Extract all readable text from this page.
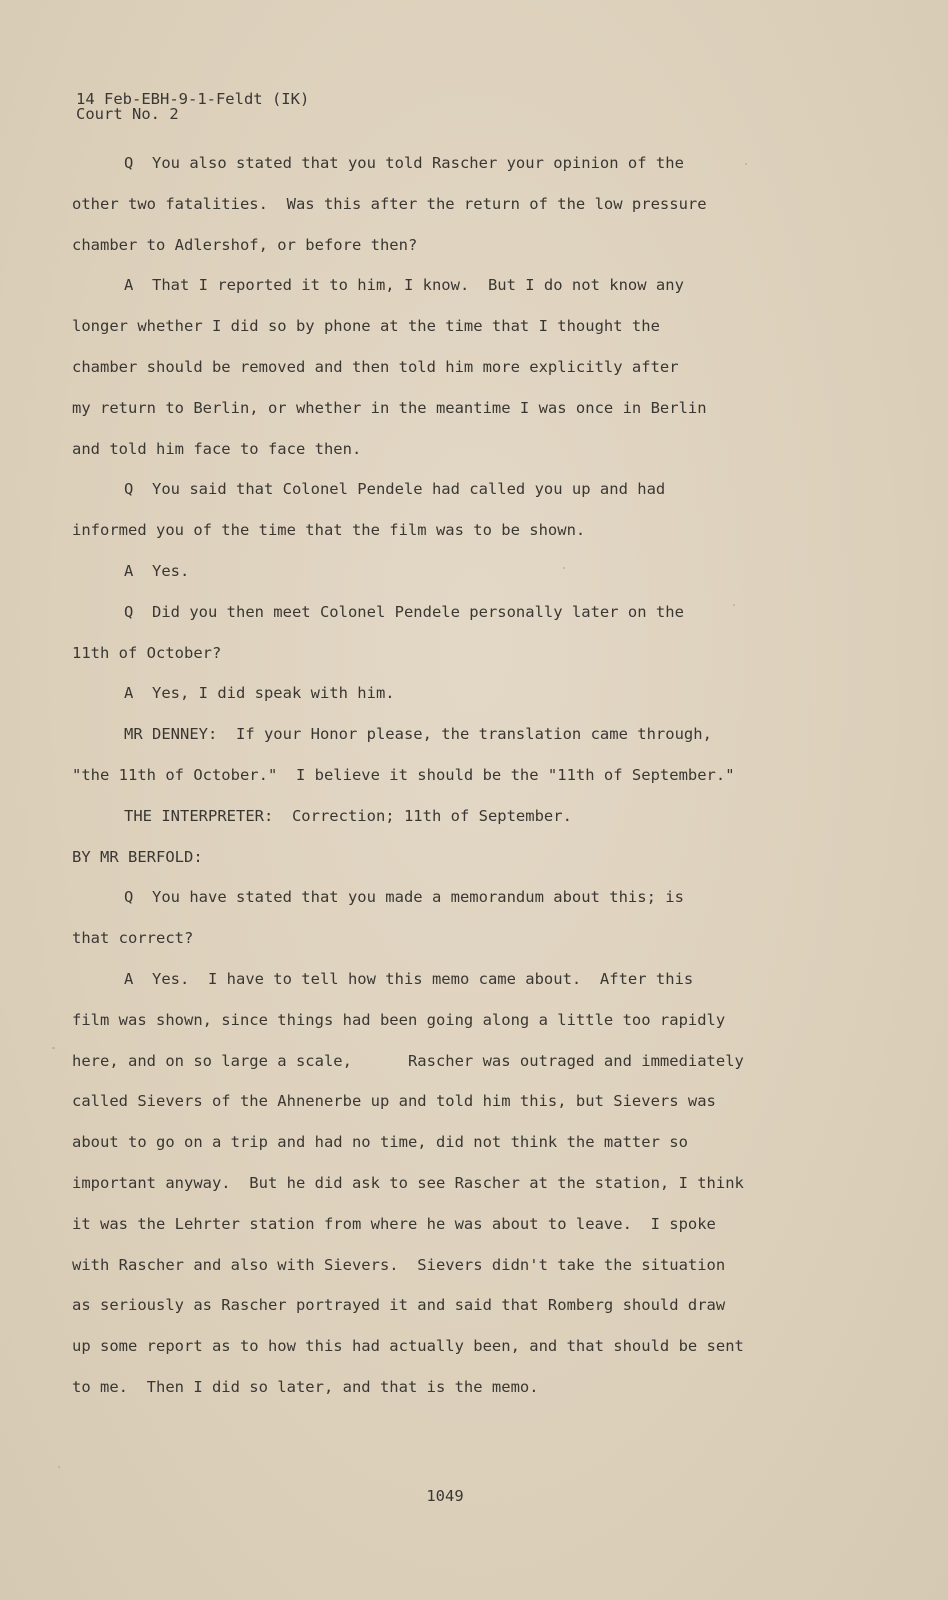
14 Feb-EBH-9-1-Feldt (IK)
Court No. 2
Q  You also stated that you told Rascher your opinion of the
other two fatalities.  Was this after the return of the low pressure
chamber to Adlershof, or before then?
A  That I reported it to him, I know.  But I do not know any
longer whether I did so by phone at the time that I thought the
chamber should be removed and then told him more explicitly after
my return to Berlin, or whether in the meantime I was once in Berlin
and told him face to face then.
Q  You said that Colonel Pendele had called you up and had
informed you of the time that the film was to be shown.
A  Yes.
Q  Did you then meet Colonel Pendele personally later on the
11th of October?
A  Yes, I did speak with him.
MR DENNEY:  If your Honor please, the translation came through,
"the 11th of October."  I believe it should be the "11th of September."
THE INTERPRETER:  Correction; 11th of September.
BY MR BERFOLD:
Q  You have stated that you made a memorandum about this; is
that correct?
A  Yes.  I have to tell how this memo came about.  After this
film was shown, since things had been going along a little too rapidly
here, and on so large a scale,      Rascher was outraged and immediately
called Sievers of the Ahnenerbe up and told him this, but Sievers was
about to go on a trip and had no time, did not think the matter so
important anyway.  But he did ask to see Rascher at the station, I think
it was the Lehrter station from where he was about to leave.  I spoke
with Rascher and also with Sievers.  Sievers didn't take the situation
as seriously as Rascher portrayed it and said that Romberg should draw
up some report as to how this had actually been, and that should be sent
to me.  Then I did so later, and that is the memo.
1049
